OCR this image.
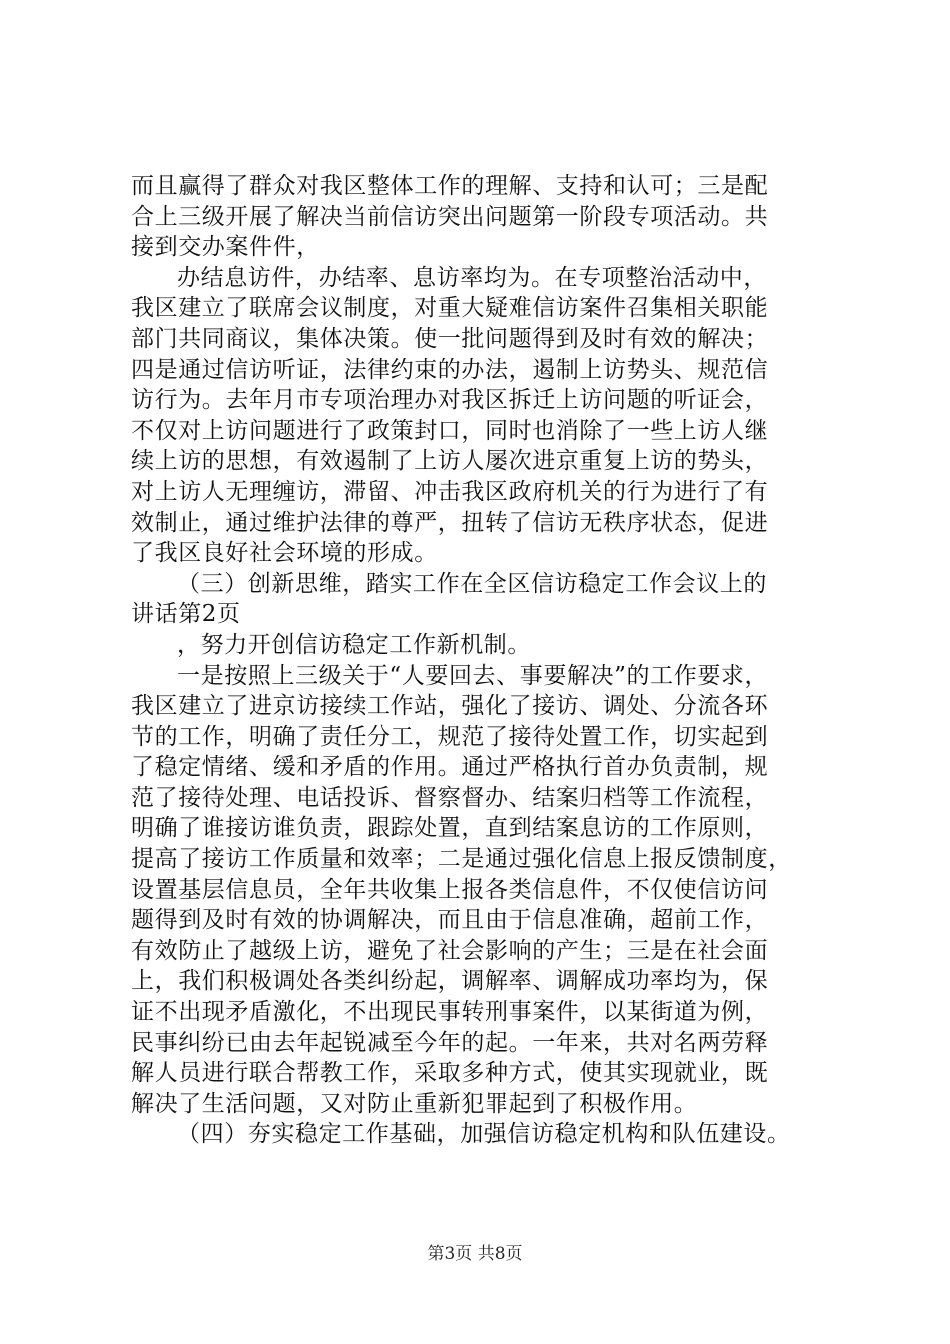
而且赢得了群众对我区整体工作的理解、支持和认可；三是配
合上三级开展了解决当前信访突出问题第一阶段专项活动。共
接到交办案件件，
办结息访件，办结率、息访率均为。在专项整治活动中，
我区建立了联席会议制度，对重大疑难信访案件召集相关职能
部门共同商议，集体决策。使一批问题得到及时有效的解决；
四是通过信访听证，法律约束的办法，遏制上访势头、规范信
访行为。去年月市专项治理办对我区拆迁上访问题的听证会，
不仅对上访问题进行了政策封口，同时也消除了一些上访人继
续上访的思想，有效遏制了上访人屡次进京重复上访的势头，
对上访人无理缠访，滞留、冲击我区政府机关的行为进行了有
效制止，通过维护法律的尊严，扭转了信访无秩序状态，促进
了我区良好社会环境的形成。
（三）创新思维，踏实工作在全区信访稳定工作会议上的
讲话第2页
，努力开创信访稳定工作新机制。
一是按照上三级关于“人要回去、事要解决”的工作要求，
我区建立了进京访接续工作站，强化了接访、调处、分流各环
节的工作，明确了责任分工，规范了接待处置工作，切实起到
了稳定情绪、缓和矛盾的作用。通过严格执行首办负责制，规
范了接待处理、电话投诉、督察督办、结案归档等工作流程，
明确了谁接访谁负责，跟踪处置，直到结案息访的工作原则，
提高了接访工作质量和效率；二是通过强化信息上报反馈制度，
设置基层信息员，全年共收集上报各类信息件，不仅使信访问
题得到及时有效的协调解决，而且由于信息准确，超前工作，
有效防止了越级上访，避免了社会影响的产生；三是在社会面
上，我们积极调处各类纠纷起，调解率、调解成功率均为，保
证不出现矛盾激化，不出现民事转刑事案件，以某街道为例，
民事纠纷已由去年起锐减至今年的起。一年来，共对名两劳释
解人员进行联合帮教工作，采取多种方式，使其实现就业，既
解决了生活问题，又对防止重新犯罪起到了积极作用。
（四）夯实稳定工作基础，加强信访稳定机构和队伍建设。
第3页 共8页
